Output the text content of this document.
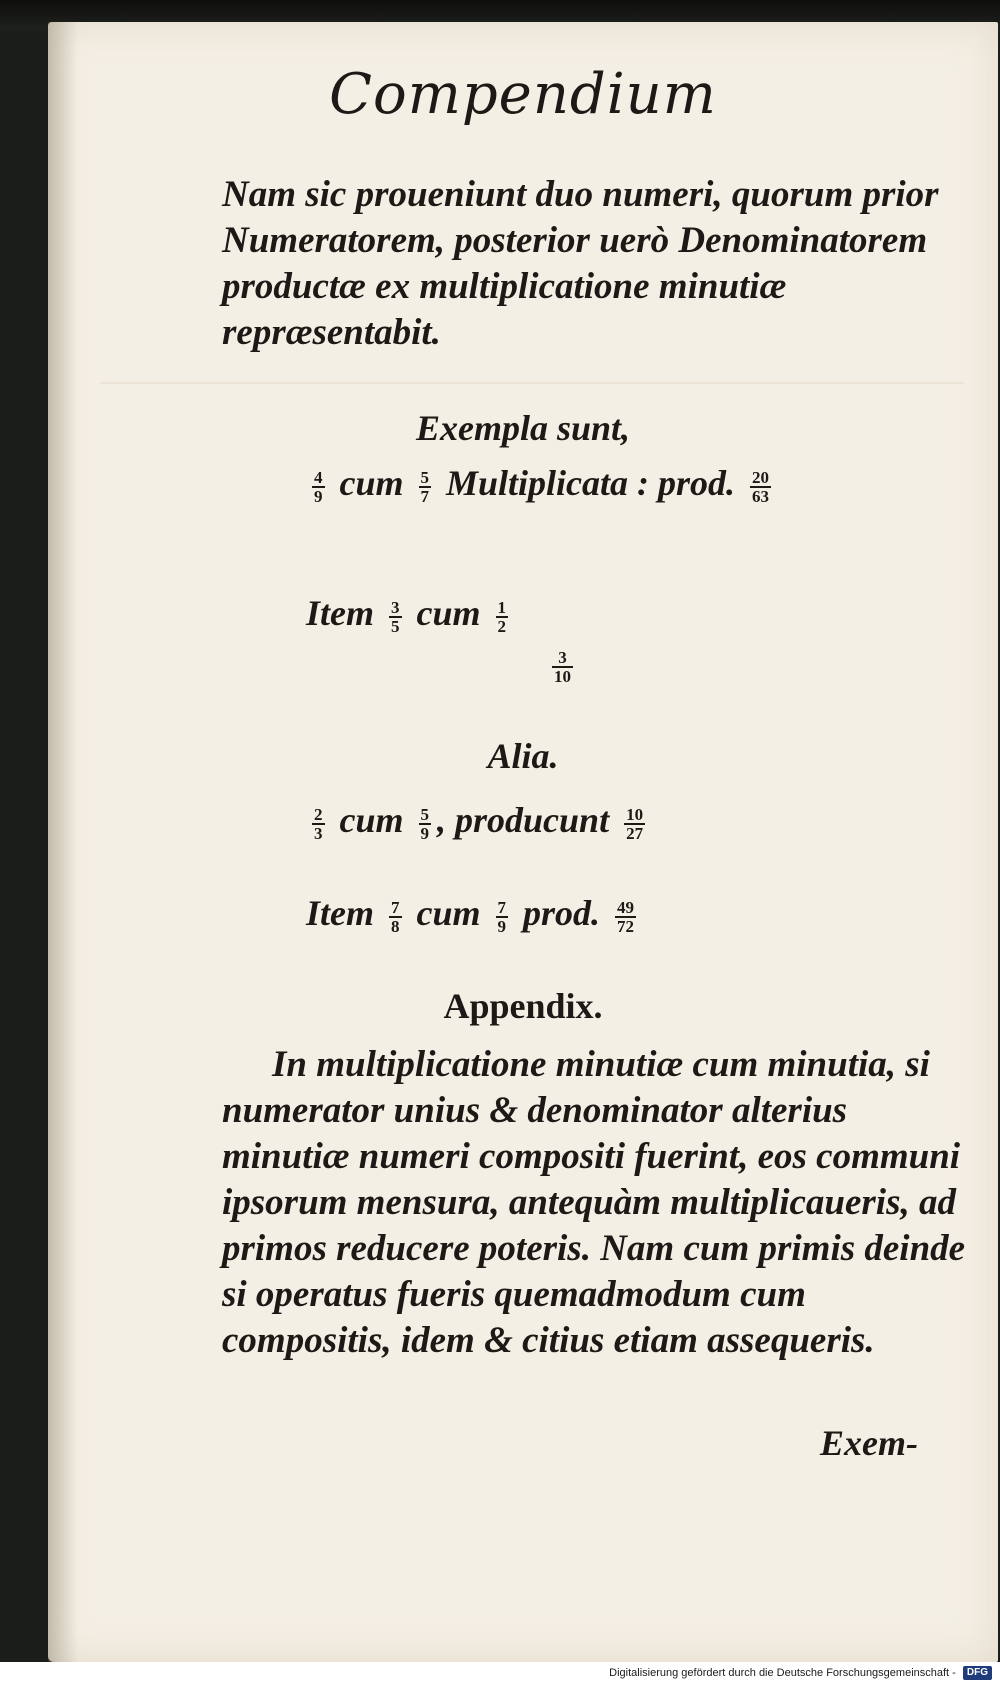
Compendium
Nam sic proueniunt duo numeri, quorum prior Numeratorem, posterior uerò Denominatorem productæ ex multiplicatione minutiæ repræsentabit.
Exempla sunt,
$\frac{4}{9}$ cum $\frac{5}{7}$ Multiplicata : prod. $\frac{20}{63}$
Item $\frac{3}{5}$ cum $\frac{1}{2}$
$\frac{3}{10}$
Alia.
$\frac{2}{3}$ cum $\frac{5}{9}$ , producunt $\frac{10}{27}$
Item $\frac{7}{8}$ cum $\frac{7}{9}$ prod. $\frac{49}{72}$
Appendix.
In multiplicatione minutiæ cum minutia, si numerator unius & denominator alterius minutiæ numeri compositi fuerint, eos communi ipsorum mensura, antequàm multiplicaueris, ad primos reducere poteris. Nam cum primis deinde si operatus fueris quemadmodum cum compositis, idem & citius etiam assequeris.
Exem-
Digitalisierung gefördert durch die Deutsche Forschungsgemeinschaft - DFG
